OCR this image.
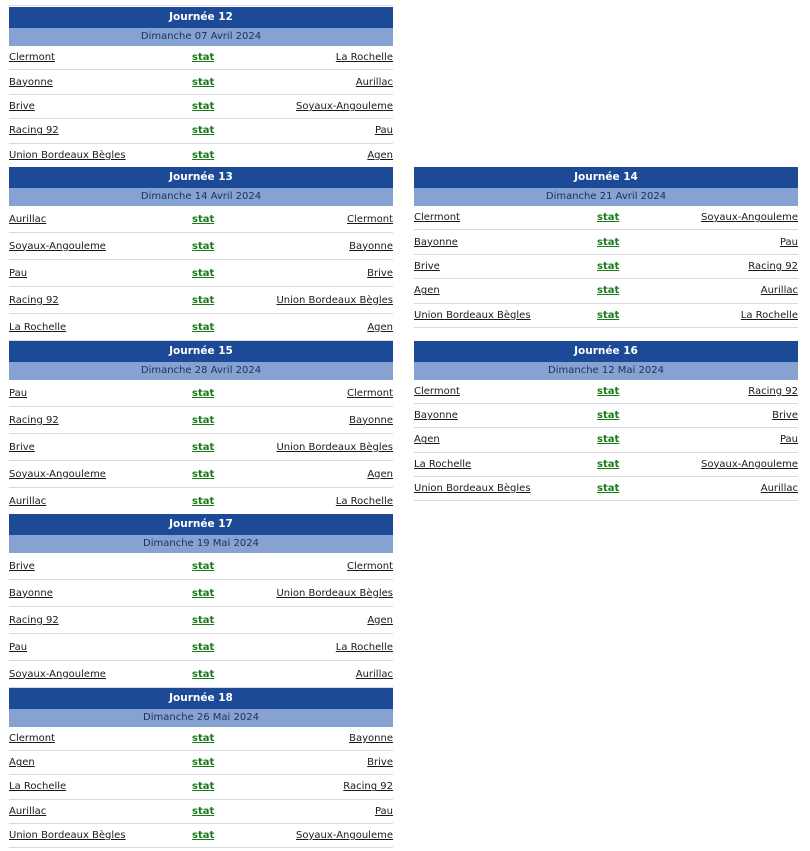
Journée 12
Dimanche 07 Avril 2024
Clermont	stat	La Rochelle
Bayonne	stat	Aurillac
Brive	stat	Soyaux-Angouleme
Racing 92	stat	Pau
Union Bordeaux Bègles	stat	Agen
Journée 13
Dimanche 14 Avril 2024
Aurillac	stat	Clermont
Soyaux-Angouleme	stat	Bayonne
Pau	stat	Brive
Racing 92	stat	Union Bordeaux Bègles
La Rochelle	stat	Agen
Journée 14
Dimanche 21 Avril 2024
Clermont	stat	Soyaux-Angouleme
Bayonne	stat	Pau
Brive	stat	Racing 92
Agen	stat	Aurillac
Union Bordeaux Bègles	stat	La Rochelle
Journée 15
Dimanche 28 Avril 2024
Pau	stat	Clermont
Racing 92	stat	Bayonne
Brive	stat	Union Bordeaux Bègles
Soyaux-Angouleme	stat	Agen
Aurillac	stat	La Rochelle
Journée 16
Dimanche 12 Mai 2024
Clermont	stat	Racing 92
Bayonne	stat	Brive
Agen	stat	Pau
La Rochelle	stat	Soyaux-Angouleme
Union Bordeaux Bègles	stat	Aurillac
Journée 17
Dimanche 19 Mai 2024
Brive	stat	Clermont
Bayonne	stat	Union Bordeaux Bègles
Racing 92	stat	Agen
Pau	stat	La Rochelle
Soyaux-Angouleme	stat	Aurillac
Journée 18
Dimanche 26 Mai 2024
Clermont	stat	Bayonne
Agen	stat	Brive
La Rochelle	stat	Racing 92
Aurillac	stat	Pau
Union Bordeaux Bègles	stat	Soyaux-Angouleme
